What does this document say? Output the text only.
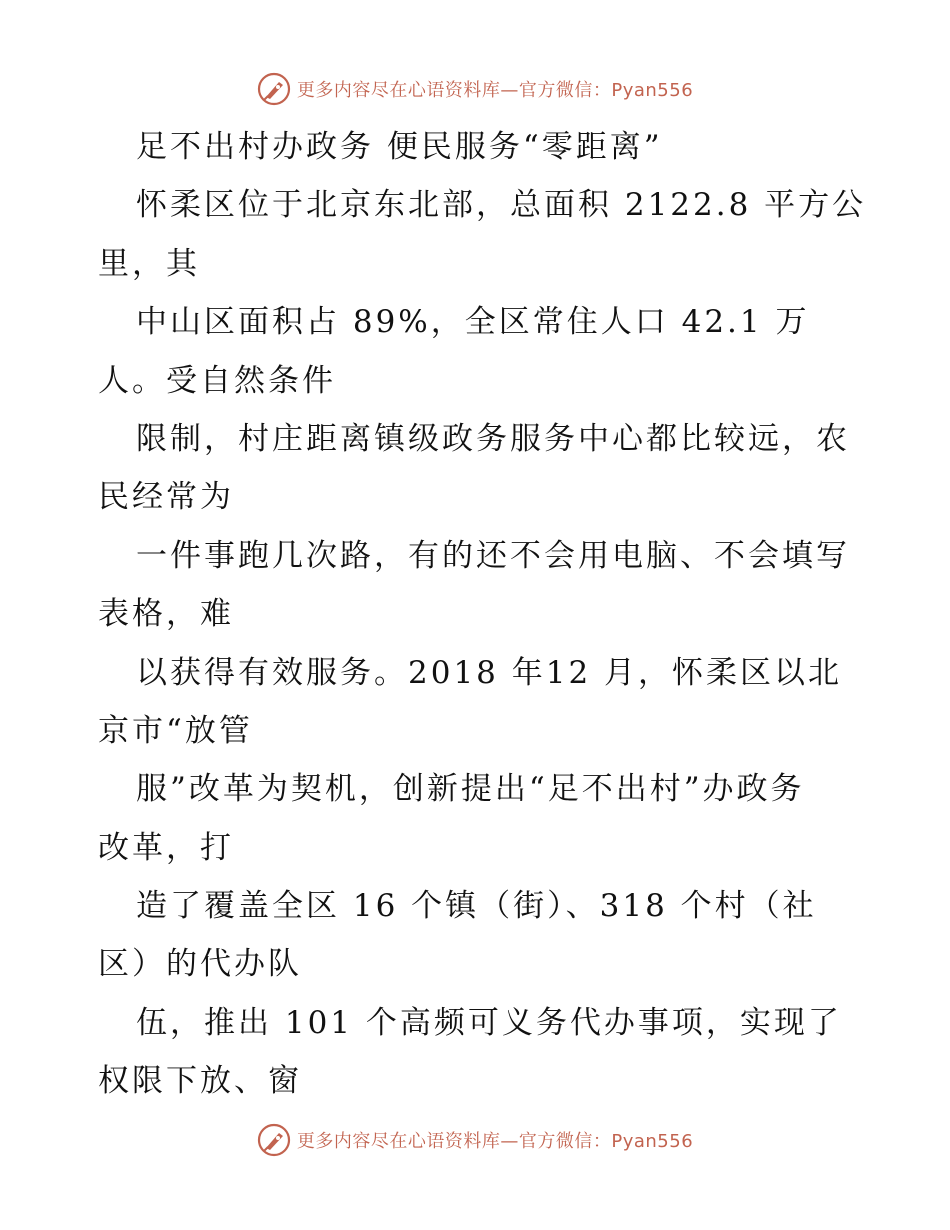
更多内容尽在心语资料库—官方微信：Pyan556
足不出村办政务 便民服务“零距离”
怀柔区位于北京东北部，总面积 2122.8 平方公
里，其
中山区面积占 89%，全区常住人口 42.1 万
人。受自然条件
限制，村庄距离镇级政务服务中心都比较远，农
民经常为
一件事跑几次路，有的还不会用电脑、不会填写
表格，难
以获得有效服务。2018 年12 月，怀柔区以北
京市“放管
服”改革为契机，创新提出“足不出村”办政务
改革，打
造了覆盖全区 16 个镇（街）、318 个村（社
区）的代办队
伍，推出 101 个高频可义务代办事项，实现了
权限下放、窗
更多内容尽在心语资料库—官方微信：Pyan556
